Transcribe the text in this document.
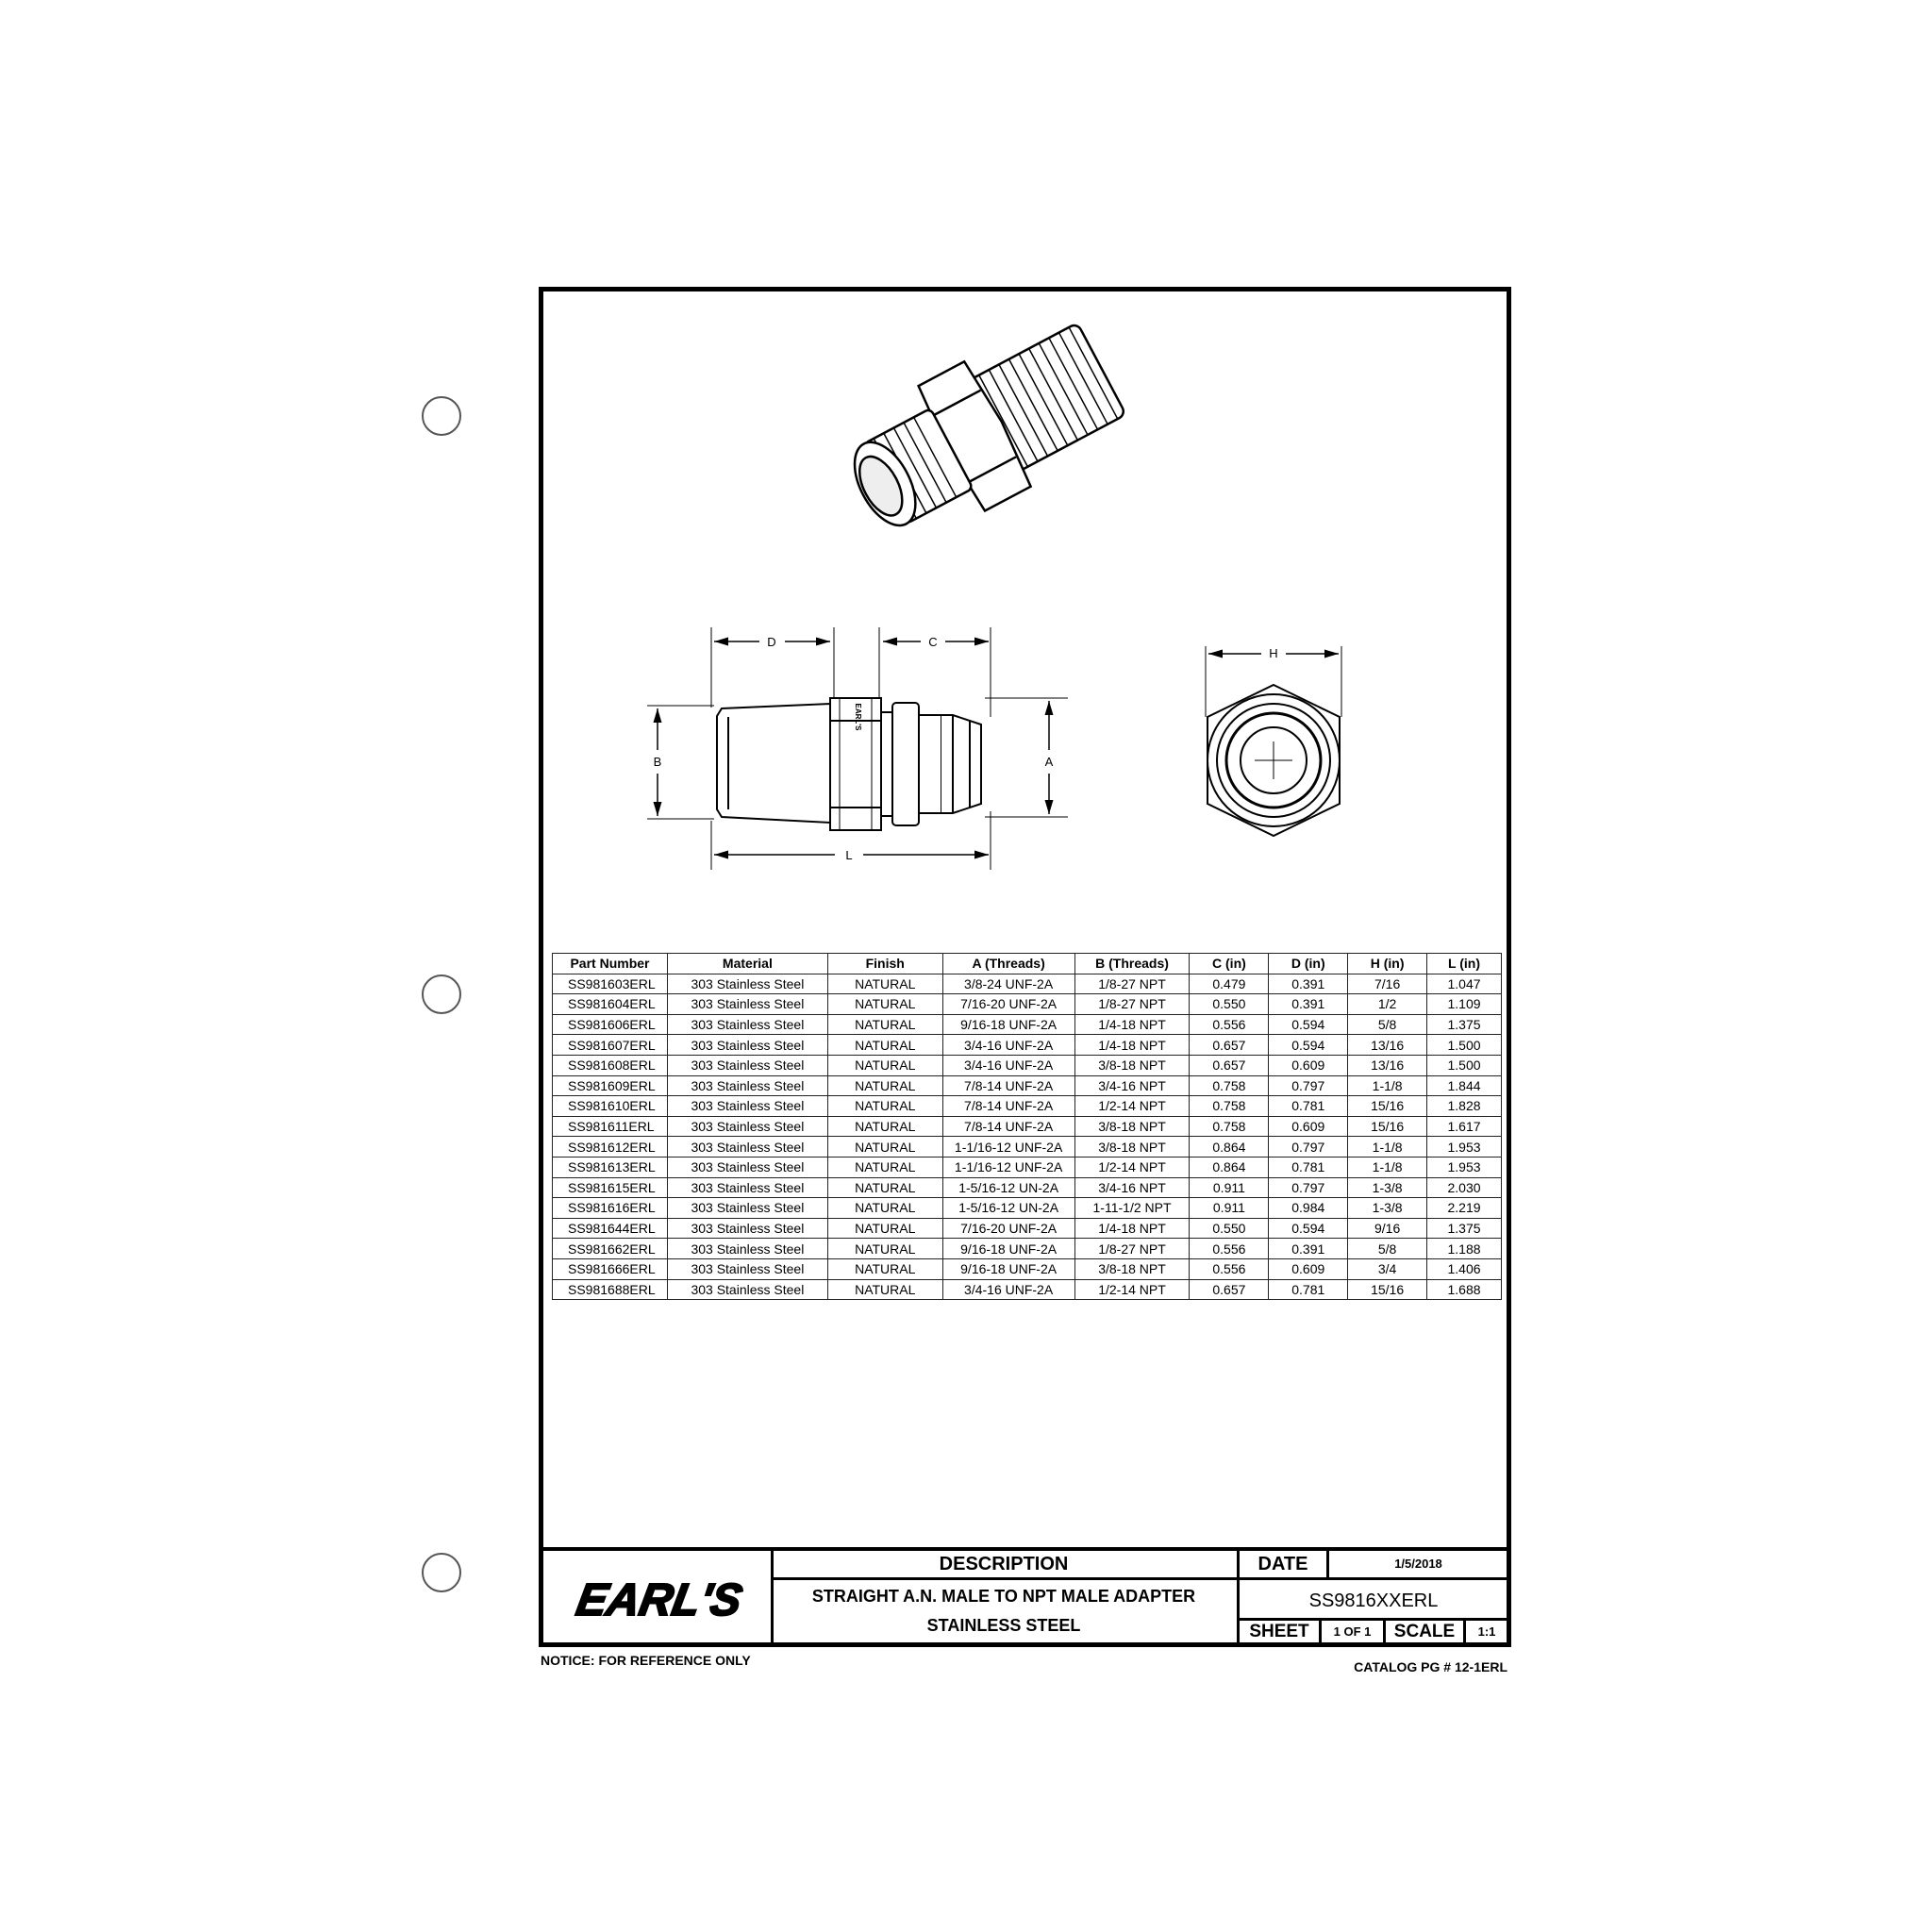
D	C
B	A
L
H
EARL'S
Part Number	Material	Finish	A (Threads)	B (Threads)	C (in)	D (in)	H (in)	L (in)
SS981603ERL	303 Stainless Steel	NATURAL	3/8-24 UNF-2A	1/8-27 NPT	0.479	0.391	7/16	1.047
SS981604ERL	303 Stainless Steel	NATURAL	7/16-20 UNF-2A	1/8-27 NPT	0.550	0.391	1/2	1.109
SS981606ERL	303 Stainless Steel	NATURAL	9/16-18 UNF-2A	1/4-18 NPT	0.556	0.594	5/8	1.375
SS981607ERL	303 Stainless Steel	NATURAL	3/4-16 UNF-2A	1/4-18 NPT	0.657	0.594	13/16	1.500
SS981608ERL	303 Stainless Steel	NATURAL	3/4-16 UNF-2A	3/8-18 NPT	0.657	0.609	13/16	1.500
SS981609ERL	303 Stainless Steel	NATURAL	7/8-14 UNF-2A	3/4-16 NPT	0.758	0.797	1-1/8	1.844
SS981610ERL	303 Stainless Steel	NATURAL	7/8-14 UNF-2A	1/2-14 NPT	0.758	0.781	15/16	1.828
SS981611ERL	303 Stainless Steel	NATURAL	7/8-14 UNF-2A	3/8-18 NPT	0.758	0.609	15/16	1.617
SS981612ERL	303 Stainless Steel	NATURAL	1-1/16-12 UNF-2A	3/8-18 NPT	0.864	0.797	1-1/8	1.953
SS981613ERL	303 Stainless Steel	NATURAL	1-1/16-12 UNF-2A	1/2-14 NPT	0.864	0.781	1-1/8	1.953
SS981615ERL	303 Stainless Steel	NATURAL	1-5/16-12 UN-2A	3/4-16 NPT	0.911	0.797	1-3/8	2.030
SS981616ERL	303 Stainless Steel	NATURAL	1-5/16-12 UN-2A	1-11-1/2 NPT	0.911	0.984	1-3/8	2.219
SS981644ERL	303 Stainless Steel	NATURAL	7/16-20 UNF-2A	1/4-18 NPT	0.550	0.594	9/16	1.375
SS981662ERL	303 Stainless Steel	NATURAL	9/16-18 UNF-2A	1/8-27 NPT	0.556	0.391	5/8	1.188
SS981666ERL	303 Stainless Steel	NATURAL	9/16-18 UNF-2A	3/8-18 NPT	0.556	0.609	3/4	1.406
SS981688ERL	303 Stainless Steel	NATURAL	3/4-16 UNF-2A	1/2-14 NPT	0.657	0.781	15/16	1.688
EARL'S
DESCRIPTION
STRAIGHT A.N. MALE TO NPT MALE ADAPTER
STAINLESS STEEL
DATE	1/5/2018
SS9816XXERL
SHEET	1 OF 1	SCALE	1:1
NOTICE: FOR REFERENCE ONLY	CATALOG PG # 12-1ERL
